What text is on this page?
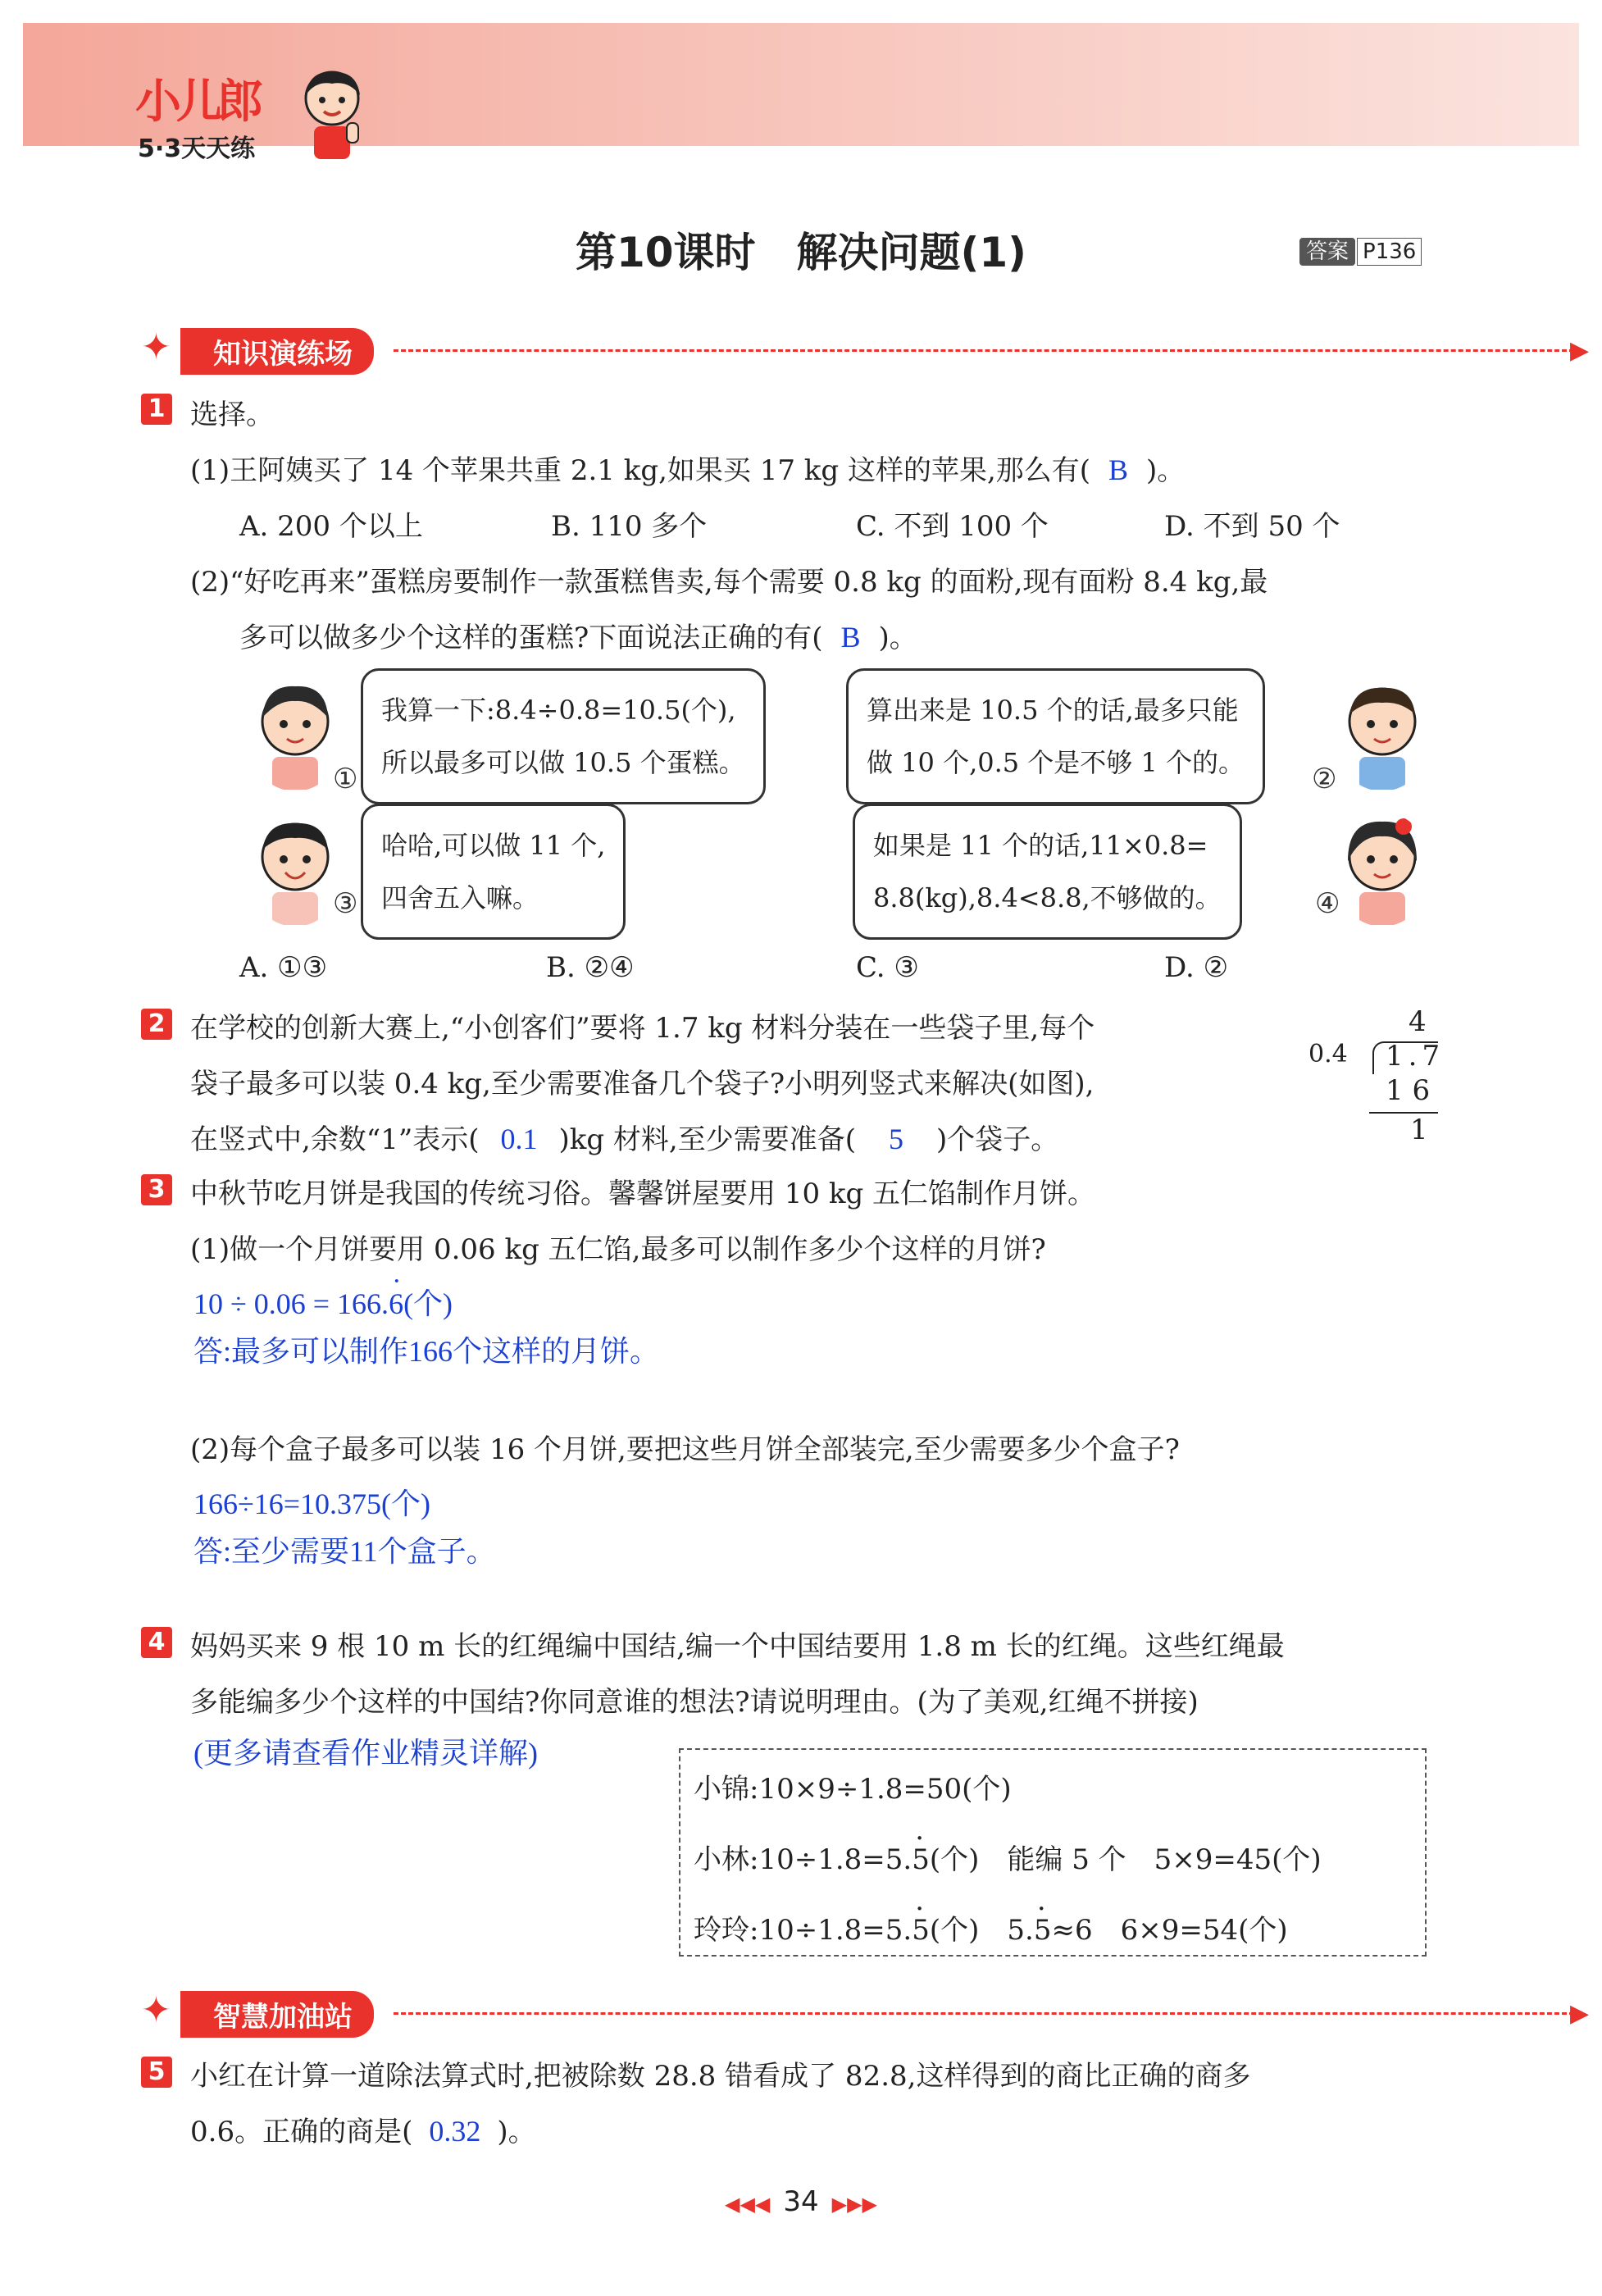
小儿郎
5·3天天练
第10课时　解决问题(1)	答案 P136
✦	知识演练场	▶
1 选择。
(1)王阿姨买了 14 个苹果共重 2.1 kg,如果买 17 kg 这样的苹果,那么有( B )。
A. 200 个以上	B. 110 多个	C. 不到 100 个	D. 不到 50 个
(2)“好吃再来”蛋糕房要制作一款蛋糕售卖,每个需要 0.8 kg 的面粉,现有面粉 8.4 kg,最
多可以做多少个这样的蛋糕?下面说法正确的有( B )。
我算一下:8.4÷0.8=10.5(个),
所以最多可以做 10.5 个蛋糕。
①
算出来是 10.5 个的话,最多只能
做 10 个,0.5 个是不够 1 个的。 ②
哈哈,可以做 11 个,
四舍五入嘛。
③
如果是 11 个的话,11×0.8=
8.8(kg),8.4<8.8,不够做的。	④
A. ①③	B. ②④	C. ③	D. ②
2 在学校的创新大赛上,“小创客们”要将 1.7 kg 材料分装在一些袋子里,每个
袋子最多可以装 0.4 kg,至少需要准备几个袋子?小明列竖式来解决(如图),
在竖式中,余数“1”表示( 0.1 )kg 材料,至少需要准备( 5 )个袋子。
4
0.4 1.7
1 6
1
3 中秋节吃月饼是我国的传统习俗。馨馨饼屋要用 10 kg 五仁馅制作月饼。
(1)做一个月饼要用 0.06 kg 五仁馅,最多可以制作多少个这样的月饼?
10 ÷ 0.06 = 166.· 6(个)
答:最多可以制作166个这样的月饼。
(2)每个盒子最多可以装 16 个月饼,要把这些月饼全部装完,至少需要多少个盒子?
166÷16=10.375(个)
答:至少需要11个盒子。
4 妈妈买来 9 根 10 m 长的红绳编中国结,编一个中国结要用 1.8 m 长的红绳。这些红绳最
多能编多少个这样的中国结?你同意谁的想法?请说明理由。(为了美观,红绳不拼接)
(更多请查看作业精灵详解)
小锦:10×9÷1.8=50(个)
小林:10÷1.8=5.· 5(个)　能编 5 个　5×9=45(个)
玲玲:10÷1.8=5.· 5(个)　5.· 5≈6　6×9=54(个)
✦	智慧加油站	▶
5 小红在计算一道除法算式时,把被除数 28.8 错看成了 82.8,这样得到的商比正确的商多
0.6。正确的商是( 0.32 )。
◀◀◀ 34 ▶▶▶
